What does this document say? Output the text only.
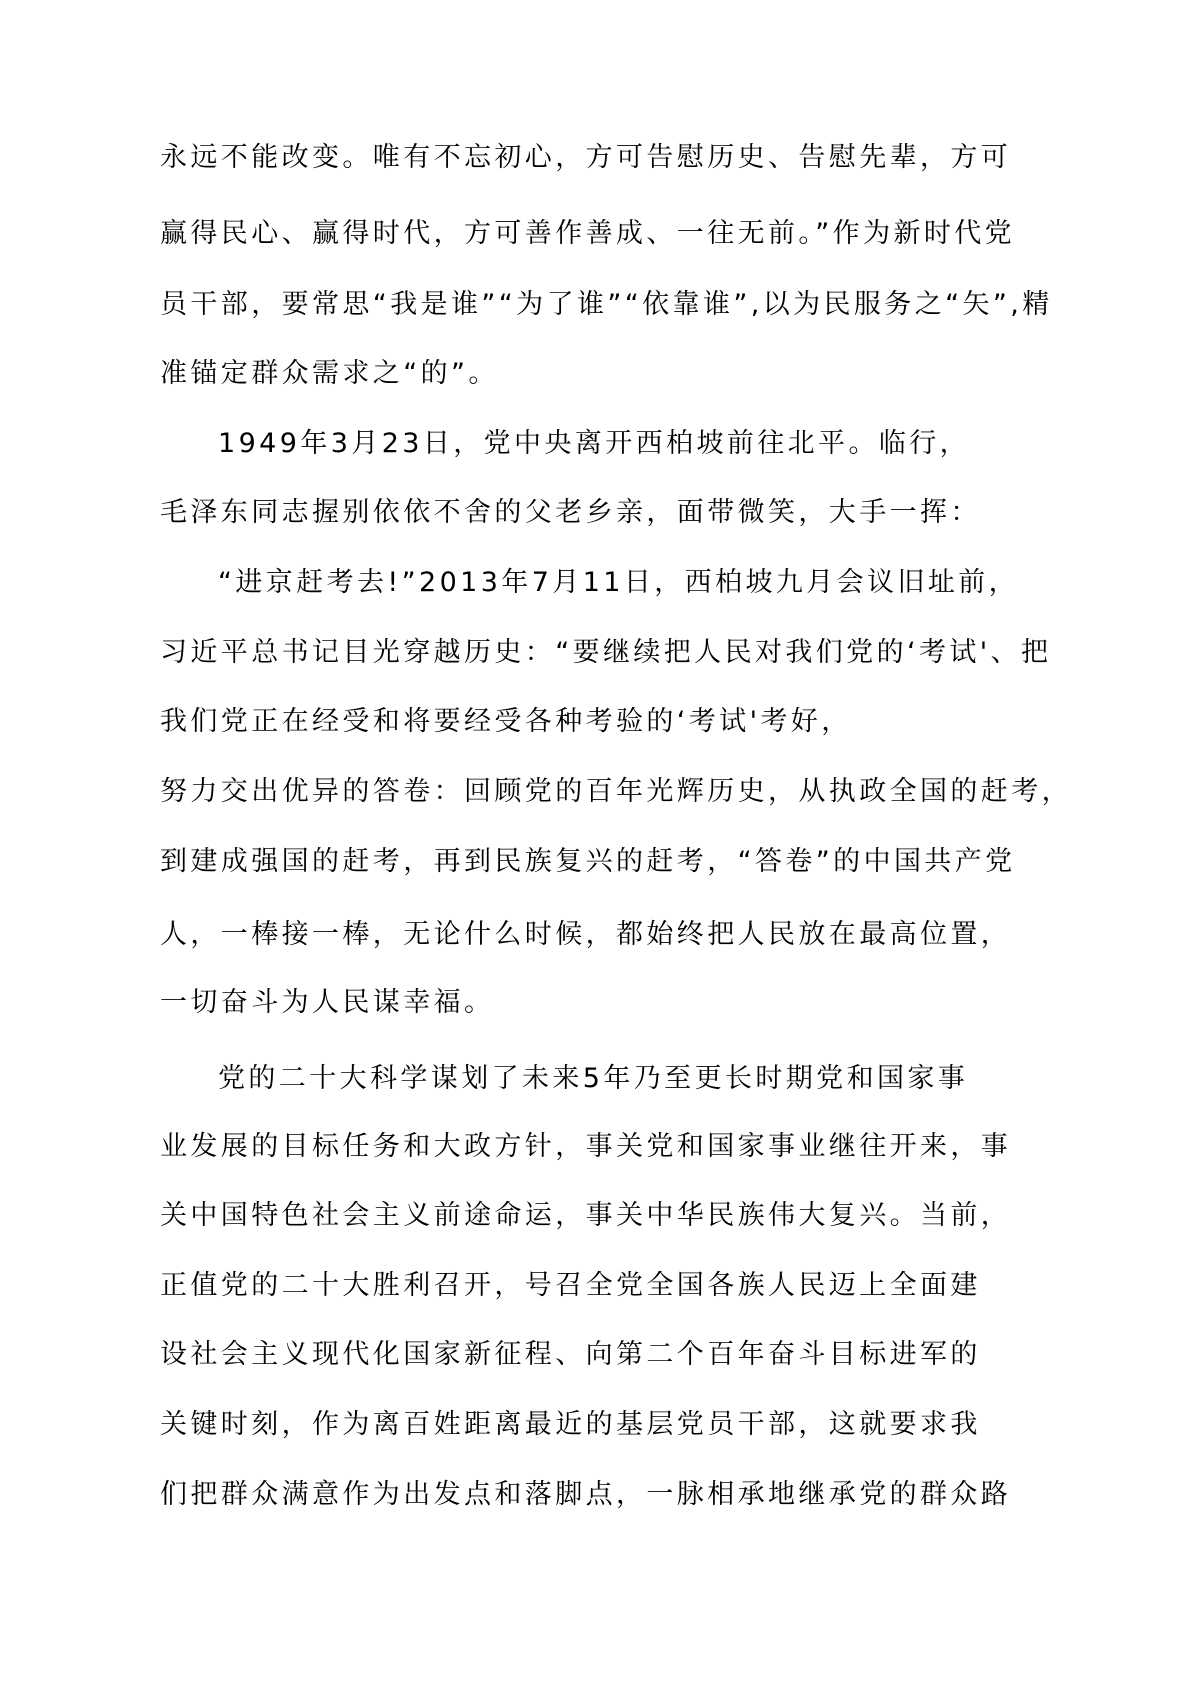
永远不能改变。唯有不忘初心，方可告慰历史、告慰先辈，方可
赢得民心、赢得时代，方可善作善成、一往无前。”作为新时代党
员干部，要常思“我是谁”“为了谁”“依靠谁”,以为民服务之“矢”,精
准锚定群众需求之“的”。
1949年3月23日，党中央离开西柏坡前往北平。临行，
毛泽东同志握别依依不舍的父老乡亲，面带微笑，大手一挥：
“进京赶考去!”2013年7月11日，西柏坡九月会议旧址前，
习近平总书记目光穿越历史：“要继续把人民对我们党的‘考试'、把
我们党正在经受和将要经受各种考验的‘考试'考好，
努力交出优异的答卷：回顾党的百年光辉历史，从执政全国的赶考，
到建成强国的赶考，再到民族复兴的赶考，“答卷”的中国共产党
人，一棒接一棒，无论什么时候，都始终把人民放在最高位置，
一切奋斗为人民谋幸福。
党的二十大科学谋划了未来5年乃至更长时期党和国家事
业发展的目标任务和大政方针，事关党和国家事业继往开来，事
关中国特色社会主义前途命运，事关中华民族伟大复兴。当前，
正值党的二十大胜利召开，号召全党全国各族人民迈上全面建
设社会主义现代化国家新征程、向第二个百年奋斗目标进军的
关键时刻，作为离百姓距离最近的基层党员干部，这就要求我
们把群众满意作为出发点和落脚点，一脉相承地继承党的群众路
